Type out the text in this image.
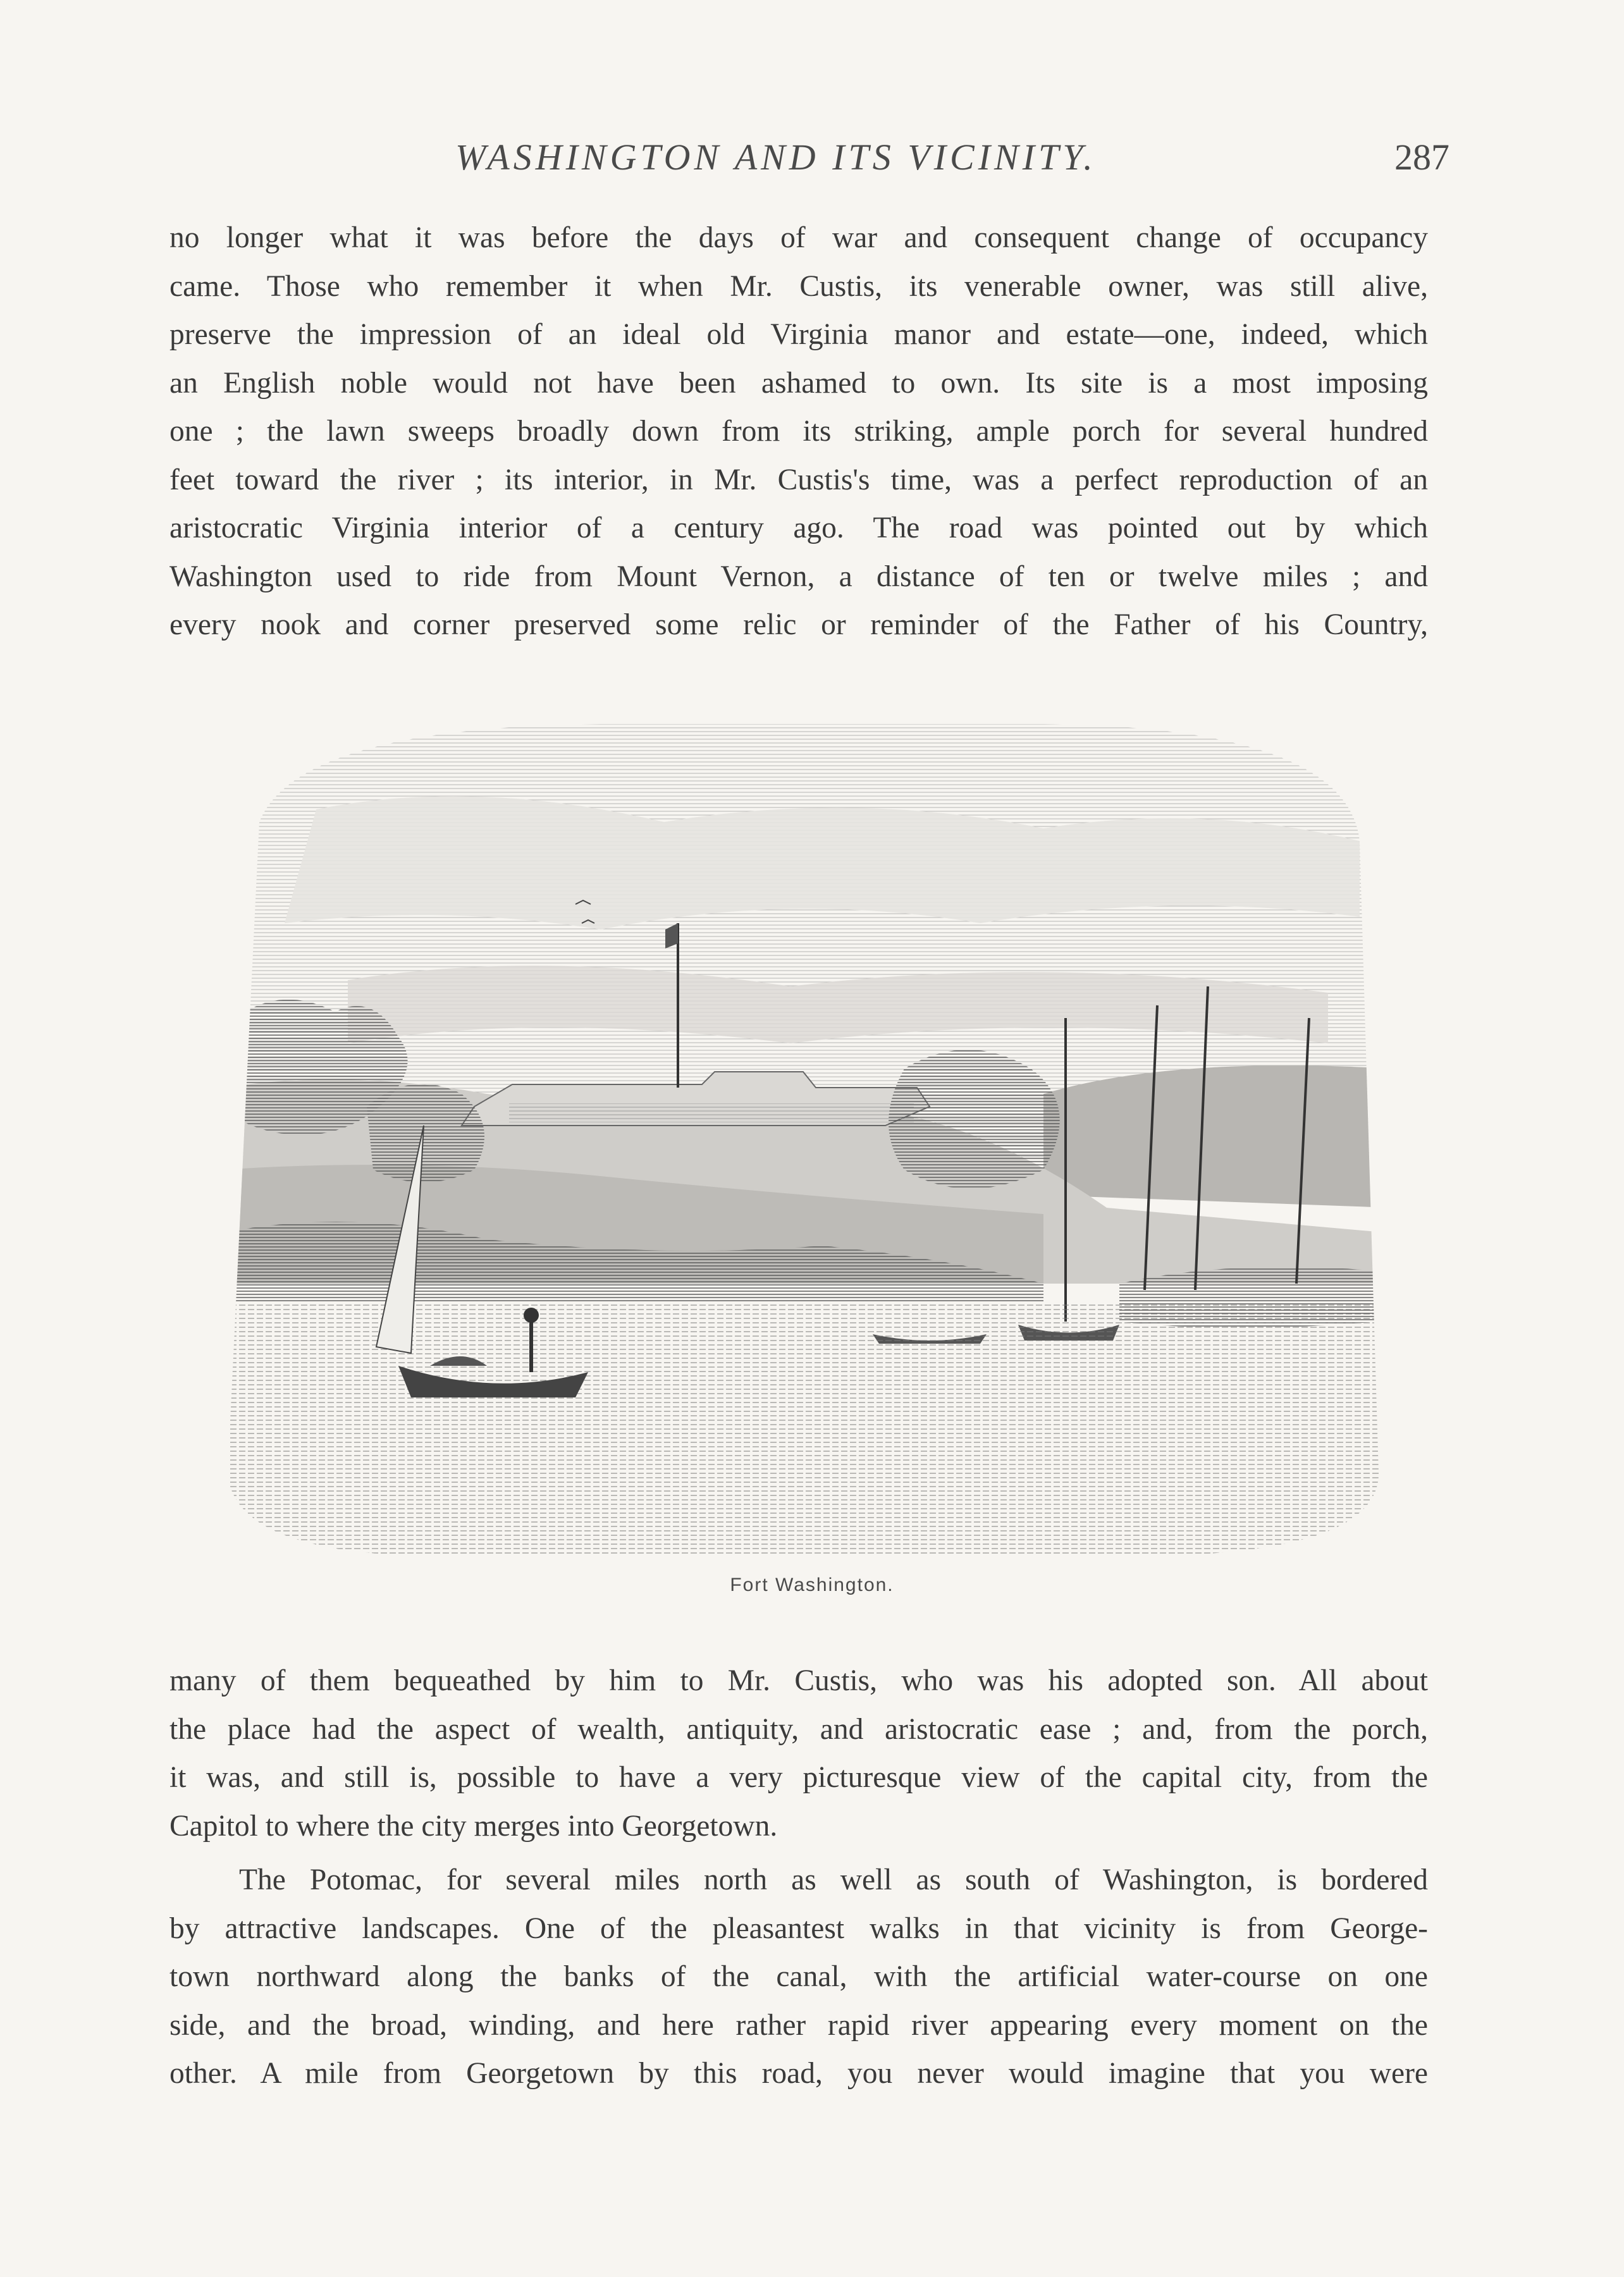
WASHINGTON AND ITS VICINITY.	287
no longer what it was before the days of war and consequent change of occupancy
came. Those who remember it when Mr. Custis, its venerable owner, was still alive,
preserve the impression of an ideal old Virginia manor and estate—one, indeed, which
an English noble would not have been ashamed to own. Its site is a most imposing
one ; the lawn sweeps broadly down from its striking, ample porch for several hundred
feet toward the river ; its interior, in Mr. Custis's time, was a perfect reproduction of an
aristocratic Virginia interior of a century ago. The road was pointed out by which
Washington used to ride from Mount Vernon, a distance of ten or twelve miles ; and
every nook and corner preserved some relic or reminder of the Father of his Country,
Fort Washington.
many of them bequeathed by him to Mr. Custis, who was his adopted son. All about
the place had the aspect of wealth, antiquity, and aristocratic ease ; and, from the porch,
it was, and still is, possible to have a very picturesque view of the capital city, from the
Capitol to where the city merges into Georgetown.
The Potomac, for several miles north as well as south of Washington, is bordered
by attractive landscapes. One of the pleasantest walks in that vicinity is from George-
town northward along the banks of the canal, with the artificial water-course on one
side, and the broad, winding, and here rather rapid river appearing every moment on the
other. A mile from Georgetown by this road, you never would imagine that you were
